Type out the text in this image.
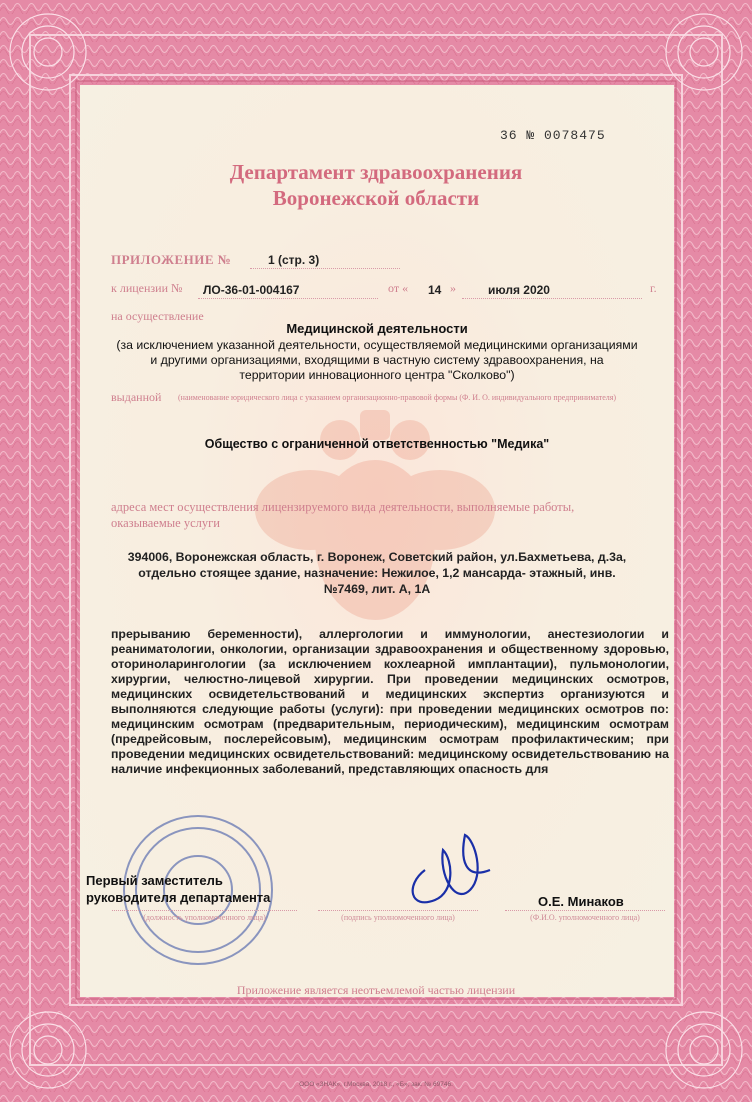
36 № 0078475
Департамент здравоохранения
Воронежской области
ПРИЛОЖЕНИЕ №	1 (стр. 3)
к лицензии № ЛО-36-01-004167	от « 14 »	июля 2020	г.
на осуществление
Медицинской деятельности
(за исключением указанной деятельности, осуществляемой медицинскими организациями
и другими организациями, входящими в частную систему здравоохранения, на
территории инновационного центра "Сколково")
выданной (наименование юридического лица с указанием организационно-правовой формы (Ф. И. О. индивидуального предпринимателя)
Общество с ограниченной ответственностью "Медика"
адреса мест осуществления лицензируемого вида деятельности, выполняемые работы,
оказываемые услуги
394006, Воронежская область, г. Воронеж, Советский район, ул.Бахметьева, д.3а,
отдельно стоящее здание, назначение: Нежилое, 1,2 мансарда- этажный, инв.
№7469, лит. А, 1А
прерыванию беременности), аллергологии и иммунологии, анестезиологии и реаниматологии, онкологии, организации здравоохранения и общественному здоровью, оториноларингологии (за исключением кохлеарной имплантации), пульмонологии, хирургии, челюстно-лицевой хирургии. При проведении медицинских осмотров, медицинских освидетельствований и медицинских экспертиз организуются и выполняются следующие работы (услуги): при проведении медицинских осмотров по: медицинским осмотрам (предварительным, периодическим), медицинским осмотрам (предрейсовым, послерейсовым), медицинским осмотрам профилактическим; при проведении медицинских освидетельствований: медицинскому освидетельствованию на наличие инфекционных заболеваний, представляющих опасность для
Первый заместитель
руководителя департамента	О.Е. Минаков
(должность уполномоченного лица)	(подпись уполномоченного лица)	(Ф.И.О. уполномоченного лица)
Приложение является неотъемлемой частью лицензии
ООО «ЗНАК», г.Москва, 2018 г., «Б», зак. № 69746.
